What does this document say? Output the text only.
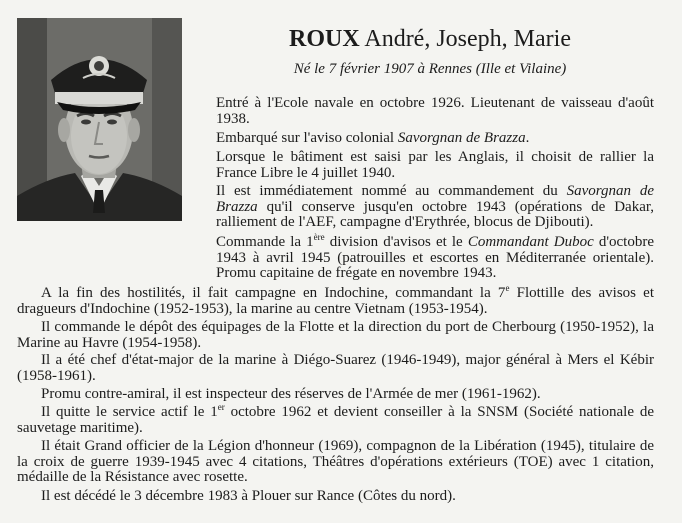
ROUX André, Joseph, Marie
Né le 7 février 1907 à Rennes (Ille et Vilaine)

Entré à l'Ecole navale en octobre 1926. Lieutenant de vaisseau d'août 1938.

Embarqué sur l'aviso colonial Savorgnan de Brazza.

Lorsque le bâtiment est saisi par les Anglais, il choisit de rallier la France Libre le 4 juillet 1940.

Il est immédiatement nommé au commandement du Savorgnan de Brazza qu'il conserve jusqu'en octobre 1943 (opérations de Dakar, ralliement de l'AEF, campagne d'Erythrée, blocus de Djibouti).

Commande la 1ère division d'avisos et le Commandant Duboc d'octobre 1943 à avril 1945 (patrouilles et escortes en Méditerranée orientale). Promu capitaine de frégate en novembre 1943.

A la fin des hostilités, il fait campagne en Indochine, commandant la 7e Flottille des avisos et dragueurs d'Indochine (1952-1953), la marine au centre Vietnam (1953-1954).

Il commande le dépôt des équipages de la Flotte et la direction du port de Cherbourg (1950-1952), la Marine au Havre (1954-1958).

Il a été chef d'état-major de la marine à Diégo-Suarez (1946-1949), major général à Mers el Kébir (1958-1961).

Promu contre-amiral, il est inspecteur des réserves de l'Armée de mer (1961-1962).

Il quitte le service actif le 1er octobre 1962 et devient conseiller à la SNSM (Société nationale de sauvetage maritime).

Il était Grand officier de la Légion d'honneur (1969), compagnon de la Libération (1945), titulaire de la croix de guerre 1939-1945 avec 4 citations, Théâtres d'opérations extérieurs (TOE) avec 1 citation, médaille de la Résistance avec rosette.

Il est décédé le 3 décembre 1983 à Plouer sur Rance (Côtes du nord).
